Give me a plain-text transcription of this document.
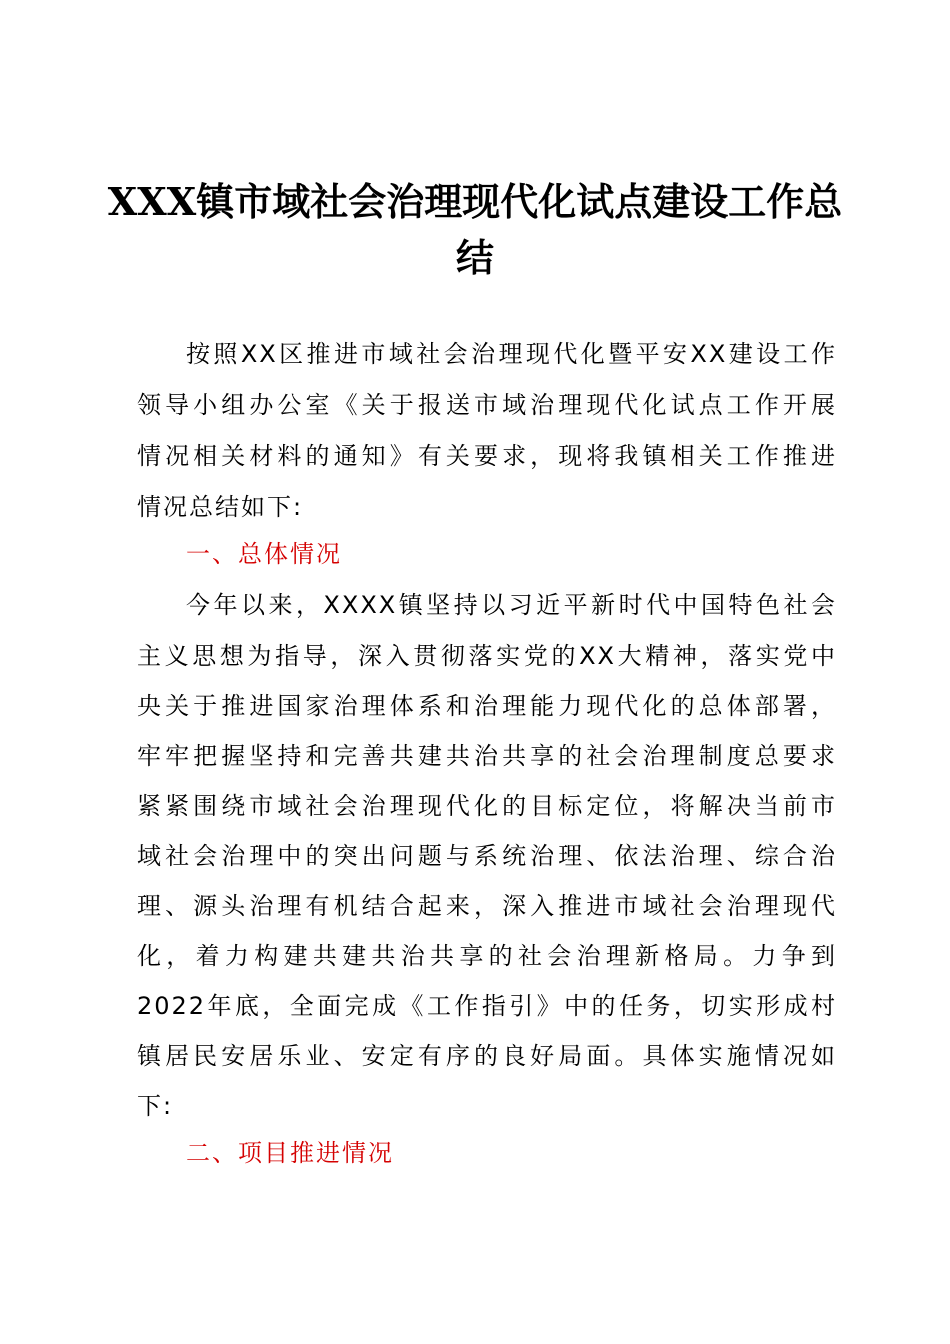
XXX镇市域社会治理现代化试点建设工作总
结
按照XX区推进市域社会治理现代化暨平安XX建设工作
领导小组办公室《关于报送市域治理现代化试点工作开展
情况相关材料的通知》有关要求，现将我镇相关工作推进
情况总结如下:
一、总体情况
今年以来，XXXX镇坚持以习近平新时代中国特色社会
主义思想为指导，深入贯彻落实党的XX大精神，落实党中
央关于推进国家治理体系和治理能力现代化的总体部署，
牢牢把握坚持和完善共建共治共享的社会治理制度总要求
紧紧围绕市域社会治理现代化的目标定位，将解决当前市
域社会治理中的突出问题与系统治理、依法治理、综合治
理、源头治理有机结合起来，深入推进市域社会治理现代
化，着力构建共建共治共享的社会治理新格局。力争到
2022年底，全面完成《工作指引》中的任务，切实形成村
镇居民安居乐业、安定有序的良好局面。具体实施情况如
下:
二、项目推进情况
